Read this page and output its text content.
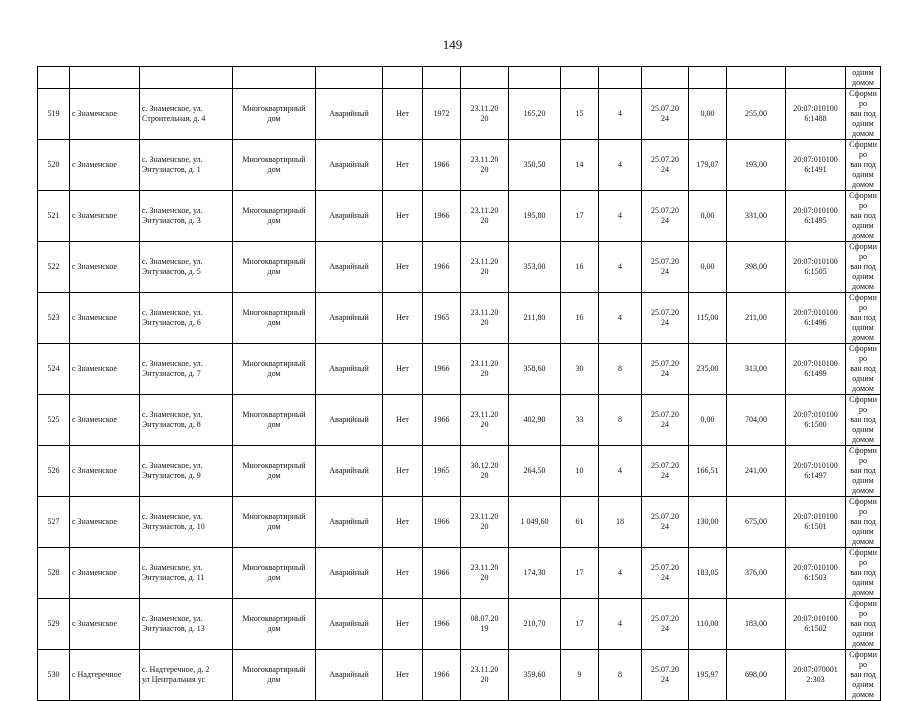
149

															одним
домом

519	с Знаменское	с. Знаменское, ул.
Строительная, д. 4	Многоквартирный
дом	Аварийный	Нет	1972	23.11.20
20	165,20	15	4	25.07.20
24	0,00	255,00	20:07:010100
6:1488	Сформиро
ван под
одним
домом

520	с Знаменское	с. Знаменское, ул.
Энтузиастов, д. 1	Многоквартирный
дом	Аварийный	Нет	1966	23.11.20
20	350,50	14	4	25.07.20
24	179,07	193,00	20:07:010100
6:1491	Сформиро
ван под
одним
домом

521	с Знаменское	с. Знаменское, ул.
Энтузиастов, д. 3	Многоквартирный
дом	Аварийный	Нет	1966	23.11.20
20	195,80	17	4	25.07.20
24	0,00	331,00	20:07:010100
6:1495	Сформиро
ван под
одним
домом

522	с Знаменское	с. Знаменское, ул.
Энтузиастов, д. 5	Многоквартирный
дом	Аварийный	Нет	1966	23.11.20
20	353,00	16	4	25.07.20
24	0,00	398,00	20:07:010100
6:1505	Сформиро
ван под
одним
домом

523	с Знаменское	с. Знаменское, ул.
Энтузиастов, д. 6	Многоквартирный
дом	Аварийный	Нет	1965	23.11.20
20	211,80	16	4	25.07.20
24	115,00	211,00	20:07:010100
6:1496	Сформиро
ван под
одним
домом

524	с Знаменское	с. Знаменское, ул.
Энтузиастов, д. 7	Многоквартирный
дом	Аварийный	Нет	1966	23.11.20
20	358,60	30	8	25.07.20
24	235,00	313,00	20:07:010100
6:1499	Сформиро
ван под
одним
домом

525	с Знаменское	с. Знаменское, ул.
Энтузиастов, д. 8	Многоквартирный
дом	Аварийный	Нет	1966	23.11.20
20	402,90	33	8	25.07.20
24	0,00	704,00	20:07:010100
6:1500	Сформиро
ван под
одним
домом

526	с Знаменское	с. Знаменское, ул.
Энтузиастов, д. 9	Многоквартирный
дом	Аварийный	Нет	1965	30.12.20
20	264,50	10	4	25.07.20
24	166,51	241,00	20:07:010100
6:1497	Сформиро
ван под
одним
домом

527	с Знаменское	с. Знаменское, ул.
Энтузиастов, д. 10	Многоквартирный
дом	Аварийный	Нет	1966	23.11.20
20	1 049,60	61	18	25.07.20
24	130,00	675,00	20:07:010100
6:1501	Сформиро
ван под
одним
домом

528	с Знаменское	с. Знаменское, ул.
Энтузиастов, д. 11	Многоквартирный
дом	Аварийный	Нет	1966	23.11.20
20	174,30	17	4	25.07.20
24	183,05	376,00	20:07:010100
6:1503	Сформиро
ван под
одним
домом

529	с Знаменское	с. Знаменское, ул.
Энтузиастов, д. 13	Многоквартирный
дом	Аварийный	Нет	1966	08.07.20
19	210,70	17	4	25.07.20
24	110,00	183,00	20:07:010100
6:1502	Сформиро
ван под
одним
домом

530	с Надтеречное	с. Надтеречное, д. 2
ул Центральная ус	Многоквартирный
дом	Аварийный	Нет	1966	23.11.20
20	359,60	9	8	25.07.20
24	195,97	698,00	20:07:070001
2:303	Сформиро
ван под
одним
домом
